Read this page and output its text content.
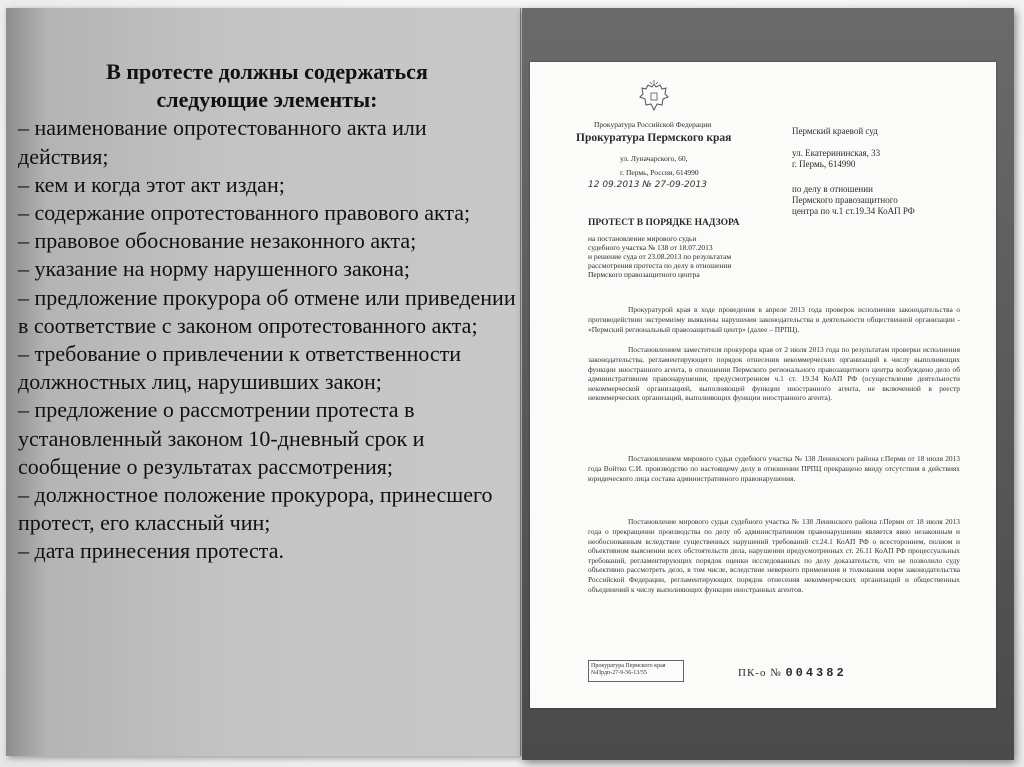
В протесте должны содержаться
следующие элементы:

– наименование опротестованного акта или действия;

– кем и когда этот акт издан;

– содержание опротестованного правового акта;

– правовое обоснование незаконного акта;

– указание на норму нарушенного закона;

– предложение прокурора об отмене или приведении в соответствие с законом опротестованного акта;

– требование о привлечении к ответственности должностных лиц, нарушивших закон;

– предложение о рассмотрении протеста в установленный законом 10-дневный срок и сообщение о результатах рассмотрения;

– должностное положение прокурора, принесшего протест, его классный чин;

– дата принесения протеста.

Прокуратура Российской Федерации

Прокуратура Пермского края

ул. Луначарского, 60,

г. Пермь, Россия, 614990

12 09.2013 № 27-09-2013

Пермский краевой суд

ул. Екатерининская, 33

г. Пермь, 614990

по делу в отношении

Пермского правозащитного

центра по ч.1 ст.19.34 КоАП РФ

ПРОТЕСТ В ПОРЯДКЕ НАДЗОРА

на постановление мирового судьи

судебного участка № 138 от 18.07.2013

и решение суда от 23.08.2013 по результатам

рассмотрения протеста по делу в отношении

Пермского правозащитного центра

Прокуратурой края в ходе проведения в апреле 2013 года проверок исполнения законодательства о противодействии экстремизму выявлены нарушения законодательства в деятельности общественной организации - «Пермский региональный правозащитный центр» (далее – ПРПЦ).

Постановлением заместителя прокурора края от 2 июля 2013 года по результатам проверки исполнения законодательства, регламентирующего порядок отнесения некоммерческих организаций к числу выполняющих функции иностранного агента, в отношении Пермского регионального правозащитного центра возбуждено дело об административном правонарушении, предусмотренном ч.1 ст. 19.34 КоАП РФ (осуществление деятельности некоммерческой организацией, выполняющей функции иностранного агента, не включенной в реестр некоммерческих организаций, выполняющих функции иностранного агента).

Постановлением мирового судьи судебного участка № 138 Ленинского района г.Перми от 18 июля 2013 года Войтко С.И. производство по настоящему делу в отношении ПРПЦ прекращено ввиду отсутствия в действиях юридического лица состава административного правонарушения.

Постановление мирового судьи судебного участка № 138 Ленинского района г.Перми от 18 июля 2013 года о прекращении производства по делу об административном правонарушении является явно незаконным и необоснованным вследствие существенных нарушений требований ст.24.1 КоАП РФ о всестороннем, полном и объективном выяснении всех обстоятельств дела, нарушении предусмотренных ст. 26.11 КоАП РФ процессуальных требований, регламентирующих порядок оценки исследованных по делу доказательств, что не позволило суду объективно рассмотреть дело, в том числе, вследствие неверного применения и толкования норм законодательства Российской Федерации, регламентирующих порядок отнесения некоммерческих организаций и общественных объединений к числу выполняющих функции иностранных агентов.

Прокуратура Пермского края
№Прдп-27-9-56-13/55	ПК-о № 004382
